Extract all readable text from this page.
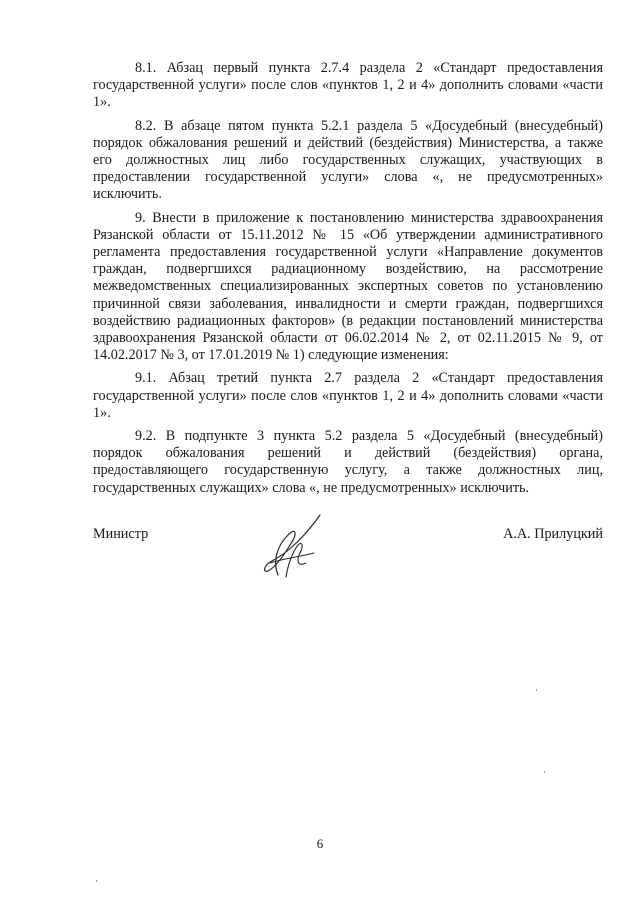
8.1. Абзац первый пункта 2.7.4 раздела 2 «Стандарт предоставления государственной услуги» после слов «пунктов 1, 2 и 4» дополнить словами «части 1».

8.2. В абзаце пятом пункта 5.2.1 раздела 5 «Досудебный (внесудебный) порядок обжалования решений и действий (бездействия) Министерства, а также его должностных лиц либо государственных служащих, участвующих в предоставлении государственной услуги» слова «, не предусмотренных» исключить.

9. Внести в приложение к постановлению министерства здравоохранения Рязанской области от 15.11.2012 № 15 «Об утверждении административного регламента предоставления государственной услуги «Направление документов граждан, подвергшихся радиационному воздействию, на рассмотрение межведомственных специализированных экспертных советов по установлению причинной связи заболевания, инвалидности и смерти граждан, подвергшихся воздействию радиационных факторов» (в редакции постановлений министерства здравоохранения Рязанской области от 06.02.2014 № 2, от 02.11.2015 № 9, от 14.02.2017 № 3, от 17.01.2019 № 1) следующие изменения:

9.1. Абзац третий пункта 2.7 раздела 2 «Стандарт предоставления государственной услуги» после слов «пунктов 1, 2 и 4» дополнить словами «части 1».

9.2. В подпункте 3 пункта 5.2 раздела 5 «Досудебный (внесудебный) порядок обжалования решений и действий (бездействия) органа, предоставляющего государственную услугу, а также должностных лиц, государственных служащих» слова «, не предусмотренных» исключить.

Министр	А.А. Прилуцкий
6
